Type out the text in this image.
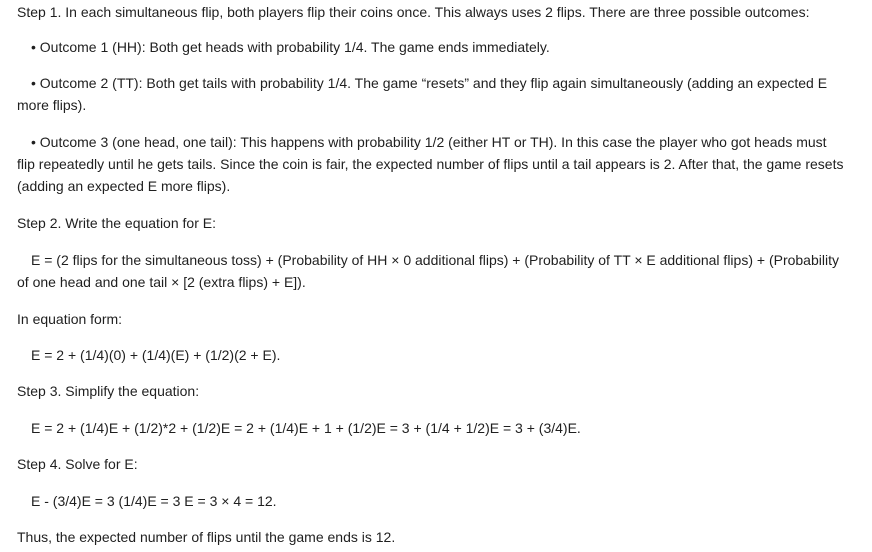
Step 1. In each simultaneous flip, both players flip their coins once. This always uses 2 flips. There are three possible outcomes:

• Outcome 1 (HH): Both get heads with probability 1/4. The game ends immediately.

• Outcome 2 (TT): Both get tails with probability 1/4. The game “resets” and they flip again simultaneously (adding an expected E more flips).

• Outcome 3 (one head, one tail): This happens with probability 1/2 (either HT or TH). In this case the player who got heads must flip repeatedly until he gets tails. Since the coin is fair, the expected number of flips until a tail appears is 2. After that, the game resets (adding an expected E more flips).

Step 2. Write the equation for E:

E = (2 flips for the simultaneous toss) + (Probability of HH × 0 additional flips) + (Probability of TT × E additional flips) + (Probability of one head and one tail × [2 (extra flips) + E]).

In equation form:

E = 2 + (1/4)(0) + (1/4)(E) + (1/2)(2 + E).

Step 3. Simplify the equation:

E = 2 + (1/4)E + (1/2)*2 + (1/2)E = 2 + (1/4)E + 1 + (1/2)E = 3 + (1/4 + 1/2)E = 3 + (3/4)E.

Step 4. Solve for E:

E - (3/4)E = 3 (1/4)E = 3 E = 3 × 4 = 12.

Thus, the expected number of flips until the game ends is 12.
